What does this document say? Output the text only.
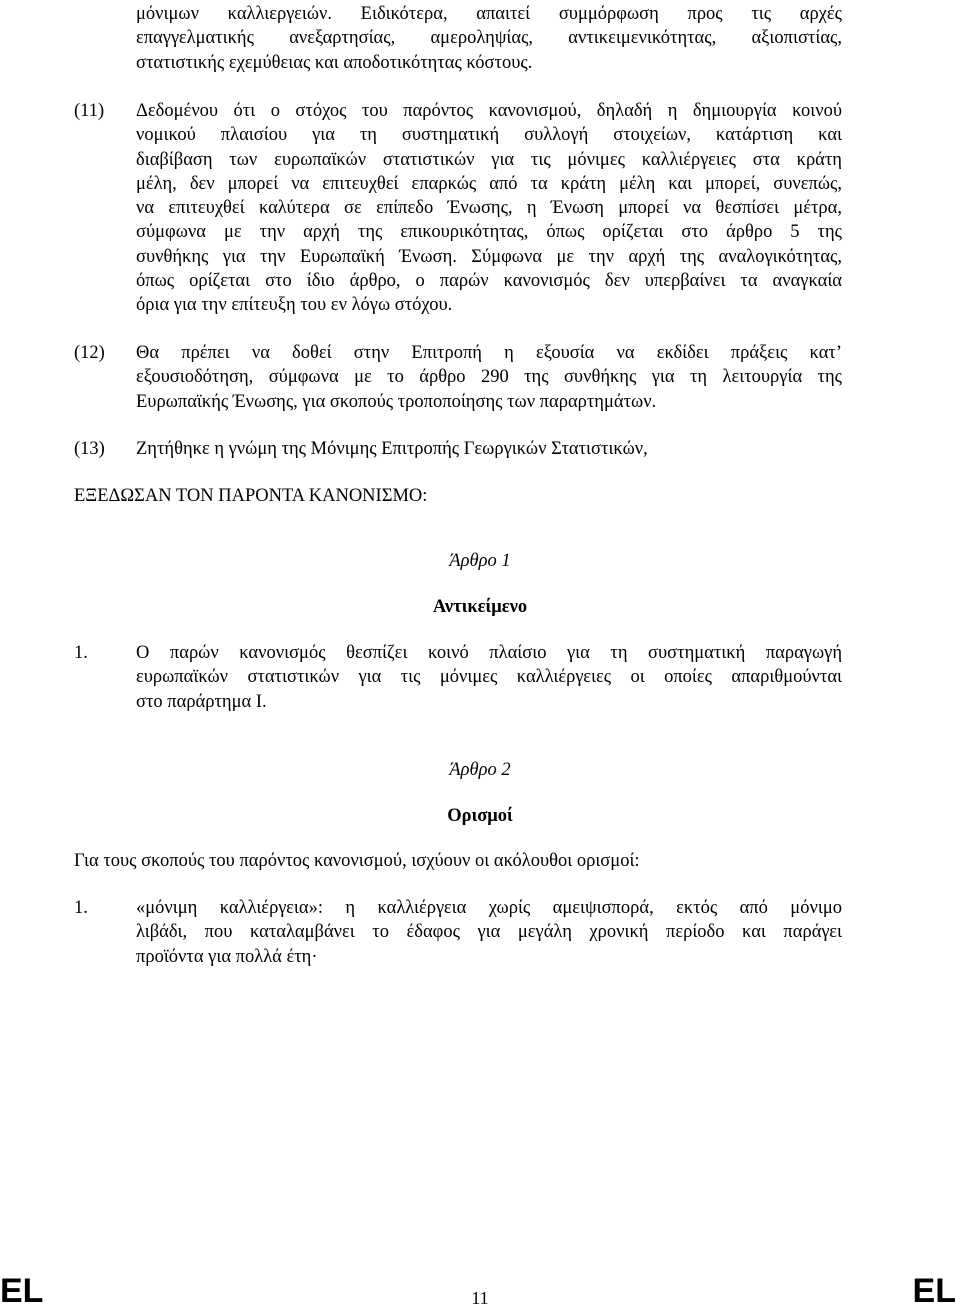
μόνιμων καλλιεργειών. Ειδικότερα, απαιτεί συμμόρφωση προς τις αρχές
επαγγελματικής ανεξαρτησίας, αμεροληψίας, αντικειμενικότητας, αξιοπιστίας,
στατιστικής εχεμύθειας και αποδοτικότητας κόστους.
(11) Δεδομένου ότι ο στόχος του παρόντος κανονισμού, δηλαδή η δημιουργία κοινού
νομικού πλαισίου για τη συστηματική συλλογή στοιχείων, κατάρτιση και
διαβίβαση των ευρωπαϊκών στατιστικών για τις μόνιμες καλλιέργειες στα κράτη
μέλη, δεν μπορεί να επιτευχθεί επαρκώς από τα κράτη μέλη και μπορεί, συνεπώς,
να επιτευχθεί καλύτερα σε επίπεδο Ένωσης, η Ένωση μπορεί να θεσπίσει μέτρα,
σύμφωνα με την αρχή της επικουρικότητας, όπως ορίζεται στο άρθρο 5 της
συνθήκης για την Ευρωπαϊκή Ένωση. Σύμφωνα με την αρχή της αναλογικότητας,
όπως ορίζεται στο ίδιο άρθρο, ο παρών κανονισμός δεν υπερβαίνει τα αναγκαία
όρια για την επίτευξη του εν λόγω στόχου.
(12) Θα πρέπει να δοθεί στην Επιτροπή η εξουσία να εκδίδει πράξεις κατ’
εξουσιοδότηση, σύμφωνα με το άρθρο 290 της συνθήκης για τη λειτουργία της
Ευρωπαϊκής Ένωσης, για σκοπούς τροποποίησης των παραρτημάτων.
(13) Ζητήθηκε η γνώμη της Μόνιμης Επιτροπής Γεωργικών Στατιστικών,
ΕΞΕΔΩΣΑΝ ΤΟΝ ΠΑΡΟΝΤΑ ΚΑΝΟΝΙΣΜΟ:
Άρθρο 1
Αντικείμενο
1.	Ο παρών κανονισμός θεσπίζει κοινό πλαίσιο για τη συστηματική παραγωγή
ευρωπαϊκών στατιστικών για τις μόνιμες καλλιέργειες οι οποίες απαριθμούνται
στο παράρτημα Ι.
Άρθρο 2
Ορισμοί
Για τους σκοπούς του παρόντος κανονισμού, ισχύουν οι ακόλουθοι ορισμοί:
1.	«μόνιμη καλλιέργεια»: η καλλιέργεια χωρίς αμειψισπορά, εκτός από μόνιμο
λιβάδι, που καταλαμβάνει το έδαφος για μεγάλη χρονική περίοδο και παράγει
προϊόντα για πολλά έτη·
EL	11	EL
